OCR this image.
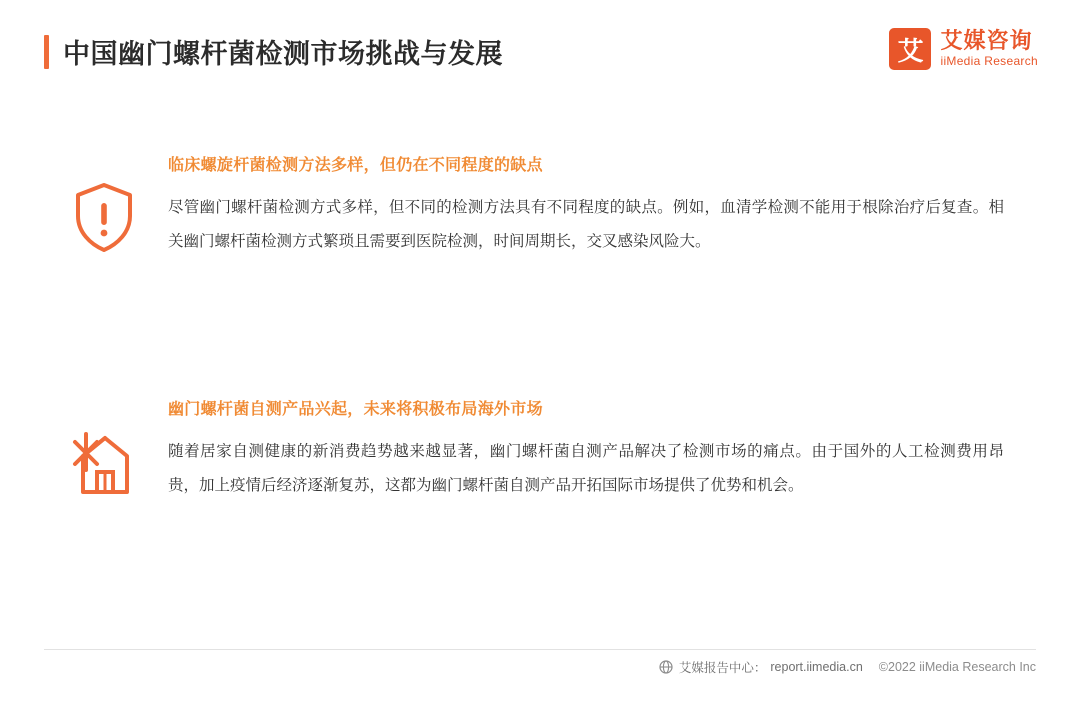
中国幽门螺杆菌检测市场挑战与发展	艾 艾媒咨询
iiMedia Research

临床螺旋杆菌检测方法多样，但仍在不同程度的缺点

尽管幽门螺杆菌检测方式多样，但不同的检测方法具有不同程度的缺点。例如，血清学检测不能用于根除治疗后复查。相关幽门螺杆菌检测方式繁琐且需要到医院检测，时间周期长，交叉感染风险大。

幽门螺杆菌自测产品兴起，未来将积极布局海外市场

随着居家自测健康的新消费趋势越来越显著，幽门螺杆菌自测产品解决了检测市场的痛点。由于国外的人工检测费用昂贵，加上疫情后经济逐渐复苏，这都为幽门螺杆菌自测产品开拓国际市场提供了优势和机会。

艾媒报告中心： report.iimedia.cn ©2022 iiMedia Research Inc
